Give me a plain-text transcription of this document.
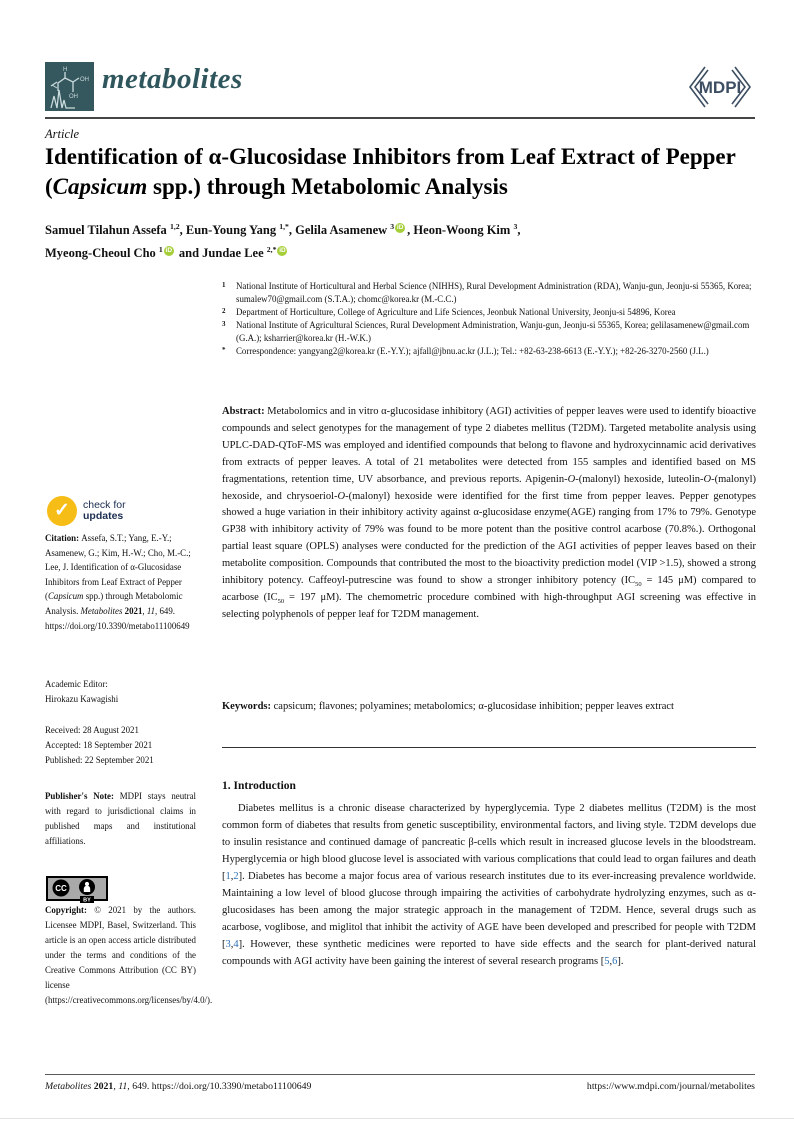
H
OH
OH
metabolites	MDPI
Article
Identification of α-Glucosidase Inhibitors from Leaf Extract of Pepper (Capsicum spp.) through Metabolomic Analysis
Samuel Tilahun Assefa $^{1,2}$, Eun-Young Yang $^{1,*}$, Gelila Asamenew $^3$ iD , Heon-Woong Kim $^3$,
Myeong-Cheoul Cho $^1$ iD and Jundae Lee $^{2,*}$ iD
1	National Institute of Horticultural and Herbal Science (NIHHS), Rural Development Administration (RDA), Wanju-gun, Jeonju-si 55365, Korea; sumalew70@gmail.com (S.T.A.); chomc@korea.kr (M.-C.C.)
2	Department of Horticulture, College of Agriculture and Life Sciences, Jeonbuk National University, Jeonju-si 54896, Korea
3	National Institute of Agricultural Sciences, Rural Development Administration, Wanju-gun, Jeonju-si 55365, Korea; gelilasamenew@gmail.com (G.A.); ksharrier@korea.kr (H.-W.K.)
*	Correspondence: yangyang2@korea.kr (E.-Y.Y.); ajfall@jbnu.ac.kr (J.L.); Tel.: +82-63-238-6613 (E.-Y.Y.); +82-26-3270-2560 (J.L.)
Abstract: Metabolomics and in vitro α-glucosidase inhibitory (AGI) activities of pepper leaves were used to identify bioactive compounds and select genotypes for the management of type 2 diabetes mellitus (T2DM). Targeted metabolite analysis using UPLC-DAD-QToF-MS was employed and identified compounds that belong to flavone and hydroxycinnamic acid derivatives from extracts of pepper leaves. A total of 21 metabolites were detected from 155 samples and identified based on MS fragmentations, retention time, UV absorbance, and previous reports. Apigenin-O-(malonyl) hexoside, luteolin-O-(malonyl) hexoside, and chrysoeriol-O-(malonyl) hexoside were identified for the first time from pepper leaves. Pepper genotypes showed a huge variation in their inhibitory activity against α-glucosidase enzyme(AGE) ranging from 17% to 79%. Genotype GP38 with inhibitory activity of 79% was found to be more potent than the positive control acarbose (70.8%.). Orthogonal partial least square (OPLS) analyses were conducted for the prediction of the AGI activities of pepper leaves based on their metabolite composition. Compounds that contributed the most to the bioactivity prediction model (VIP >1.5), showed a strong inhibitory potency. Caffeoyl-putrescine was found to show a stronger inhibitory potency ($IC_{50} = 145$ μM) compared to acarbose ($IC_{50} = 197$ μM). The chemometric procedure combined with high-throughput AGI screening was effective in selecting polyphenols of pepper leaf for T2DM management.
Keywords: capsicum; flavones; polyamines; metabolomics; α-glucosidase inhibition; pepper leaves extract
1. Introduction
Diabetes mellitus is a chronic disease characterized by hyperglycemia. Type 2 diabetes mellitus (T2DM) is the most common form of diabetes that results from genetic susceptibility, environmental factors, and living style. T2DM develops due to insulin resistance and continued damage of pancreatic β-cells which result in increased glucose levels in the bloodstream. Hyperglycemia or high blood glucose level is associated with various complications that could lead to organ failures and death [1,2]. Diabetes has become a major focus area of various research institutes due to its ever-increasing prevalence worldwide. Maintaining a low level of blood glucose through impairing the activities of carbohydrate hydrolyzing enzymes, such as α-glucosidases has been among the major strategic approach in the management of T2DM. Hence, several drugs such as acarbose, voglibose, and miglitol that inhibit the activity of AGE have been developed and prescribed for people with T2DM [3,4]. However, these synthetic medicines were reported to have side effects and the search for plant-derived natural compounds with AGI activity have been gaining the interest of several research programs [5,6].
✓	check for
updates
Citation: Assefa, S.T.; Yang, E.-Y.; Asamenew, G.; Kim, H.-W.; Cho, M.-C.; Lee, J. Identification of α-Glucosidase Inhibitors from Leaf Extract of Pepper (Capsicum spp.) through Metabolomic Analysis. Metabolites 2021, 11, 649. https://doi.org/10.3390/metabo11100649
Academic Editor:
Hirokazu Kawagishi
Received: 28 August 2021
Accepted: 18 September 2021
Published: 22 September 2021
Publisher's Note: MDPI stays neutral with regard to jurisdictional claims in published maps and institutional affiliations.
CC
BY
Copyright: © 2021 by the authors. Licensee MDPI, Basel, Switzerland. This article is an open access article distributed under the terms and conditions of the Creative Commons Attribution (CC BY) license (https://creativecommons.org/licenses/by/4.0/).
Metabolites 2021, 11, 649. https://doi.org/10.3390/metabo11100649	https://www.mdpi.com/journal/metabolites
